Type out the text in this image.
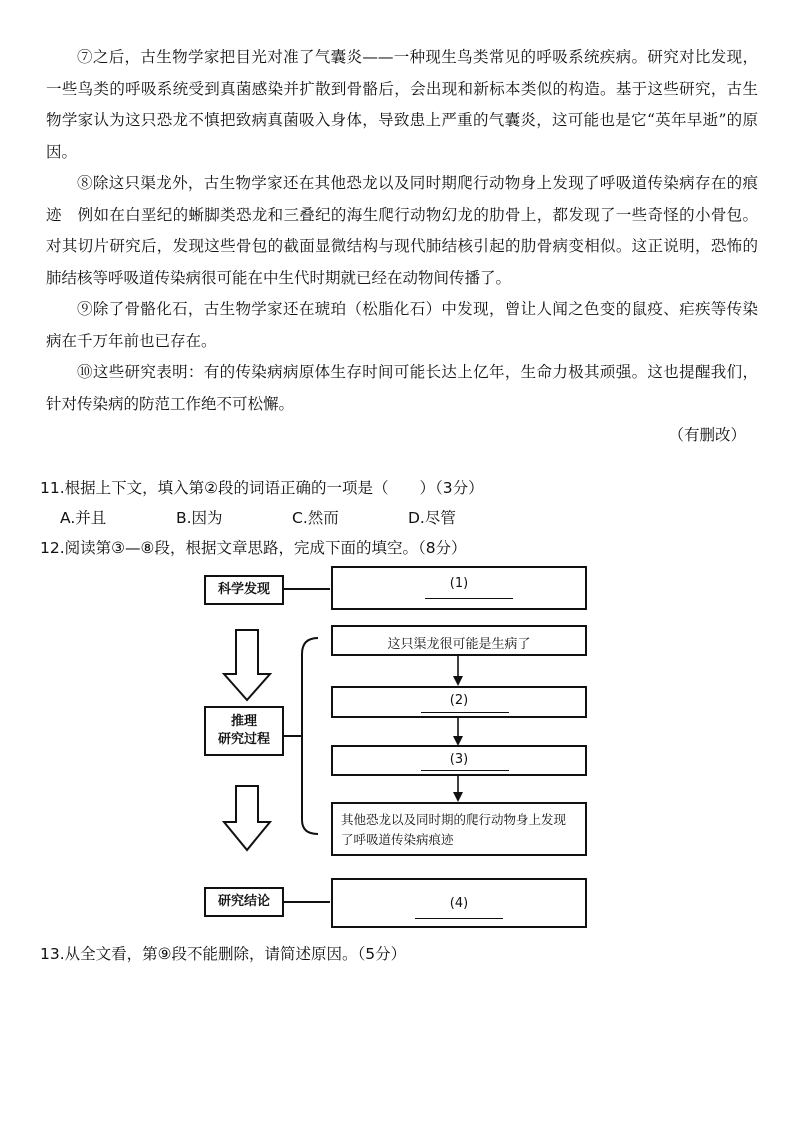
⑦之后，古生物学家把目光对准了气囊炎——一种现生鸟类常见的呼吸系统疾病。研究对比发现，一些鸟类的呼吸系统受到真菌感染并扩散到骨骼后，会出现和新标本类似的构造。基于这些研究，古生物学家认为这只恐龙不慎把致病真菌吸入身体，导致患上严重的气囊炎，这可能也是它“英年早逝”的原因。

⑧除这只渠龙外，古生物学家还在其他恐龙以及同时期爬行动物身上发现了呼吸道传染病存在的痕迹　例如在白垩纪的蜥脚类恐龙和三叠纪的海生爬行动物幻龙的肋骨上，都发现了一些奇怪的小骨包。对其切片研究后，发现这些骨包的截面显微结构与现代肺结核引起的肋骨病变相似。这正说明，恐怖的肺结核等呼吸道传染病很可能在中生代时期就已经在动物间传播了。

⑨除了骨骼化石，古生物学家还在琥珀（松脂化石）中发现，曾让人闻之色变的鼠疫、疟疾等传染病在千万年前也已存在。

⑩这些研究表明：有的传染病病原体生存时间可能长达上亿年，生命力极其顽强。这也提醒我们，针对传染病的防范工作绝不可松懈。

（有删改）

11.根据上下文，填入第②段的词语正确的一项是（　　）（3分）
A.并且	B.因为	C.然而	D.尽管
12.阅读第③—⑧段，根据文章思路，完成下面的填空。（8分）
科学发现
推理
研究过程
研究结论
(1)
这只渠龙很可能是生病了
(2)
(3)
其他恐龙以及同时期的爬行动物身上发现了呼吸道传染病痕迹
(4)
13.从全文看，第⑨段不能删除，请简述原因。（5分）
